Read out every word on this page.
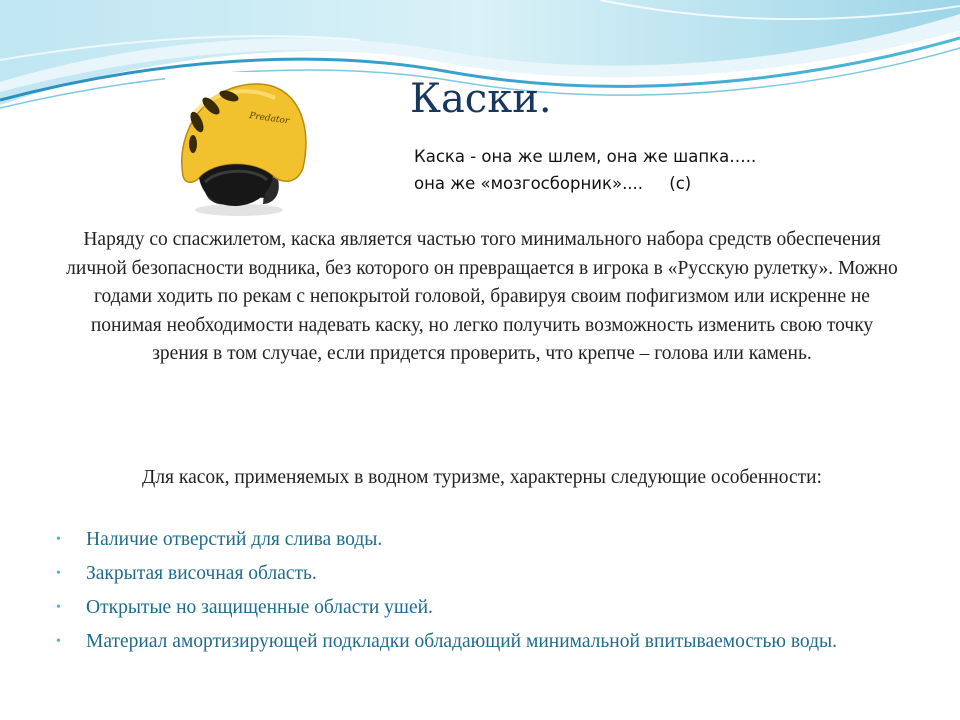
Predator	Каски.
Каска - она же шлем, она же шапка…..
она же «мозгосборник»....     (с)

Наряду со спасжилетом, каска является частью того минимального набора средств обеспечения личной безопасности водника, без которого он превращается в игрока в «Русскую рулетку». Можно годами ходить по рекам с непокрытой головой, бравируя своим пофигизмом или искренне не понимая необходимости надевать каску, но легко получить возможность изменить свою точку зрения в том случае, если придется проверить, что крепче – голова или камень.

Для касок, применяемых в водном туризме, характерны следующие особенности:

• Наличие отверстий для слива воды.
• Закрытая височная область.
• Открытые но защищенные области ушей.
• Материал амортизирующей подкладки обладающий минимальной впитываемостью воды.
